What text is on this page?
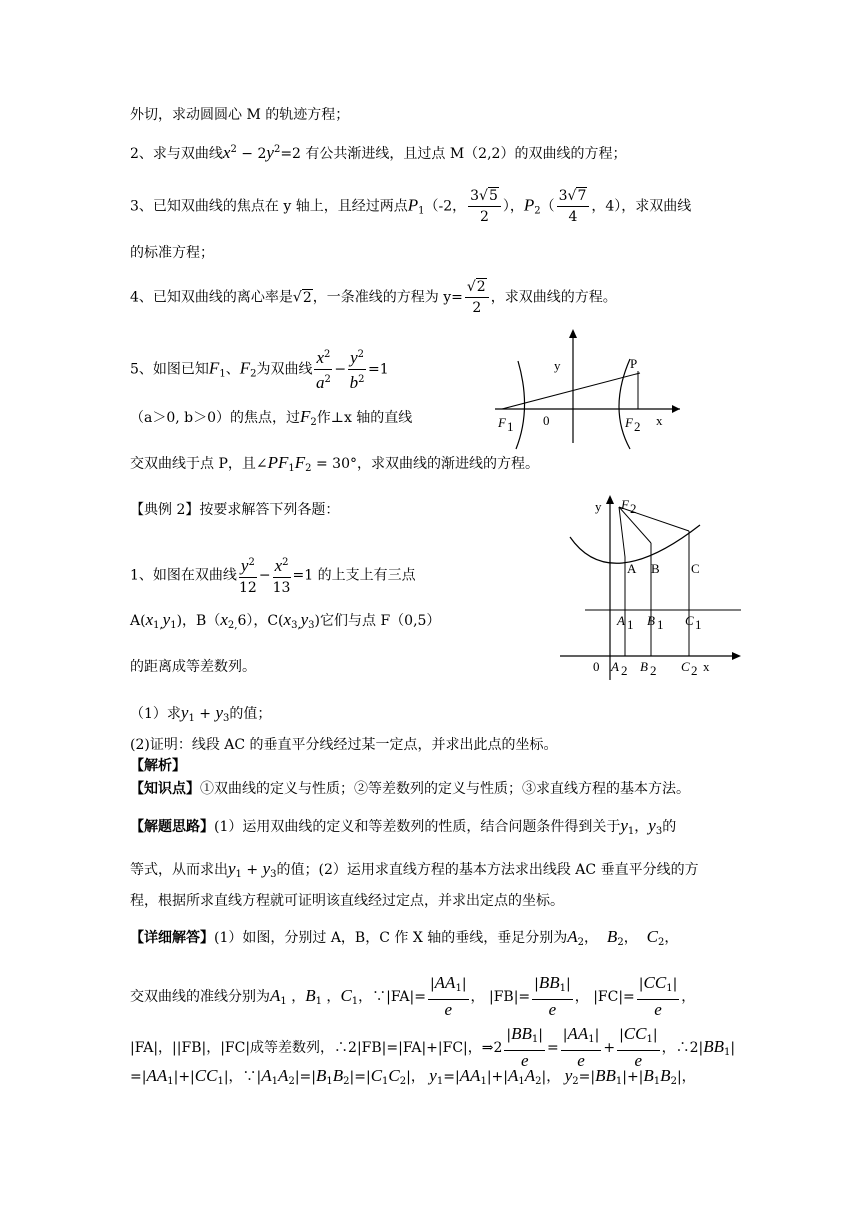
外切，求动圆圆心 M 的轨迹方程；
2、求与双曲线$x^2 - 2y^2=2$ 有公共渐进线，且过点 M（2,2）的双曲线的方程；
3、已知双曲线的焦点在 y 轴上，且经过两点$P_1(-2$， $\frac{3√5}{2}$ ），$P_2( \frac{3√7}{4}$ ，4），求双曲线
的标准方程；
4、已知双曲线的离心率是√2，一条准线的方程为 $y= \frac{√2}{2}$ ，求双曲线的方程。
5、如图已知$F_1$、$F_2$为双曲线 $\frac{x^2}{a^2} - \frac{y^2}{b^2} =1$
（a＞0, b＞0）的焦点，过$F_2$作⊥x 轴的直线
交双曲线于点 P，且$\angle PF_1F_2 = 30^\circ$，求双曲线的渐进线的方程。
【典例 2】按要求解答下列各题：
1、如图在双曲线 $\frac{y^2}{12} - \frac{x^2}{13} =1$ 的上支上有三点
$A(x_{1,}y_1)$，$B(x_{2,}6)$，$C(x_{3,}y_3)$它们与点 F（0,5）
的距离成等差数列。
（1）求$y_1 + y_3$的值；
(2)证明：线段 AC 的垂直平分线经过某一定点，并求出此点的坐标。
【解析】
【知识点】①双曲线的定义与性质；②等差数列的定义与性质；③求直线方程的基本方法。
【解题思路】(1）运用双曲线的定义和等差数列的性质，结合问题条件得到关于$y_1$，$y_3$的
等式，从而求出$y_1 + y_3$的值；(2）运用求直线方程的基本方法求出线段 AC 垂直平分线的方
程，根据所求直线方程就可证明该直线经过定点，并求出定点的坐标。
【详细解答】(1）如图，分别过 A，B，C 作 X 轴的垂线，垂足分别为$A_2$，  $B_2$，  $C_2$，
交双曲线的准线分别为$A_1$ ，$B_1$ ，$C_1$，∵|FA|= $\frac{|AA_1|}{e}$ ， $|FB|= \frac{|BB_1|}{e}$ ， $|FC|= \frac{|CC_1|}{e}$ ，
|FA|，||FB|，|FC|成等差数列，∴2|FB|=|FA|+|FC|，⇒2 $\frac{|BB_1|}{e} = \frac{|AA_1|}{e} + \frac{|CC_1|}{e}$ ，$\therefore 2|BB_1|$
$=|AA_1|+|CC_1|$，$\because|A_1A_2|=|B_1B_2|=|C_1C_2|$， $y_1=|AA_1|+|A_1A_2|$， $y_2=|BB_1|+|B_1B_2|$，
y	P
F 1 0	F 2 x
y F 2
A B C
A 1 B 1 C 1
0 A 2 B 2 C 2 x
